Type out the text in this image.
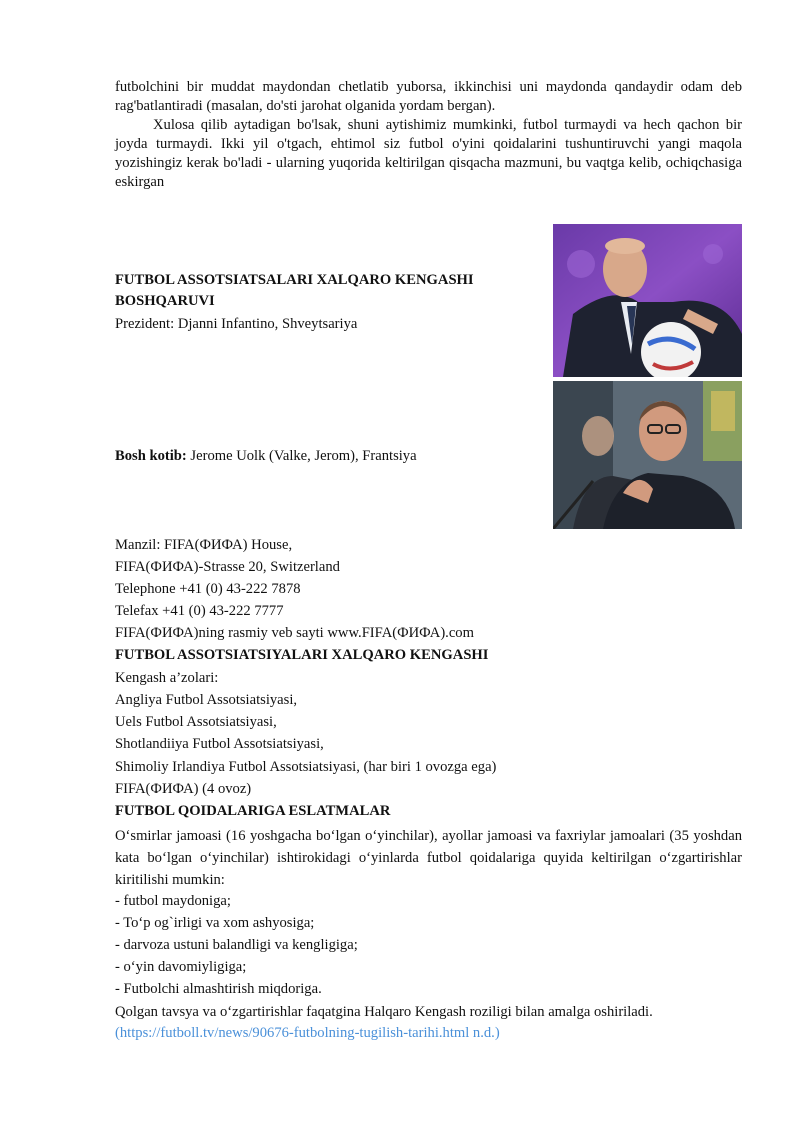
futbolchini bir muddat maydondan chetlatib yuborsa, ikkinchisi uni maydonda qandaydir odam deb rag'batlantiradi (masalan, do'sti jarohat olganida yordam bergan).

Xulosa qilib aytadigan bo'lsak, shuni aytishimiz mumkinki, futbol turmaydi va hech qachon bir joyda turmaydi. Ikki yil o'tgach, ehtimol siz futbol o'yini qoidalarini tushuntiruvchi yangi maqola yozishingiz kerak bo'ladi - ularning yuqorida keltirilgan qisqacha mazmuni, bu vaqtga kelib, ochiqchasiga eskirgan

FUTBOL ASSOTSIATSALARI XALQARO KENGASHI
BOSHQARUVI
Prezident: Djanni Infantino, Shveytsariya
Bosh kotib: Jerome Uolk (Valke, Jerom), Frantsiya
Manzil: FIFA(ФИФА) House,
FIFA(ФИФА)-Strasse 20, Switzerland
Telephone +41 (0) 43-222 7878
Telefax +41 (0) 43-222 7777
FIFA(ФИФА)ning rasmiy veb sayti www.FIFA(ФИФА).com
FUTBOL ASSOTSIATSIYALARI XALQARO KENGASHI
Kengash a’zolari:
Angliya Futbol Assotsiatsiyasi,
Uels Futbol Assotsiatsiyasi,
Shotlandiiya Futbol Assotsiatsiyasi,
Shimoliy Irlandiya Futbol Assotsiatsiyasi, (har biri 1 ovozga ega)
FIFA(ФИФА) (4 ovoz)
FUTBOL QOIDALARIGA ESLATMALAR

O‘smirlar jamoasi (16 yoshgacha bo‘lgan o‘yinchilar), ayollar jamoasi va faxriylar jamoalari (35 yoshdan kata bo‘lgan o‘yinchilar) ishtirokidagi o‘yinlarda futbol qoidalariga quyida keltirilgan o‘zgartirishlar kiritilishi mumkin:

- futbol maydoniga;
- To‘p og`irligi va xom ashyosiga;
- darvoza ustuni balandligi va kengligiga;
- o‘yin davomiyligiga;
- Futbolchi almashtirish miqdoriga.
Qolgan tavsya va o‘zgartirishlar faqatgina Halqaro Kengash roziligi bilan amalga oshiriladi.
(https://futboll.tv/news/90676-futbolning-tugilish-tarihi.html n.d.)
